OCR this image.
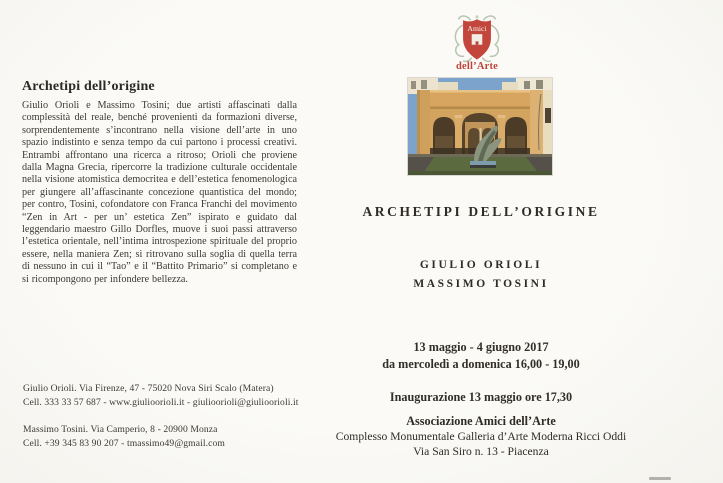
Archetipi dell’origine

Giulio Orioli e Massimo Tosini; due artisti affascinati dalla complessità del reale, benché provenienti da formazioni diverse, sorprendentemente s’incontrano nella visione dell’arte in uno spazio indistinto e senza tempo da cui partono i processi creativi. Entrambi affrontano una ricerca a ritroso; Orioli che proviene dalla Magna Grecia, ripercorre la tradizione culturale occidentale nella visione atomistica democritea e dell’estetica fenomenologica per giungere all’affascinante concezione quantistica del mondo; per contro, Tosini, cofondatore con Franca Franchi del movimento “Zen in Art - per un’ estetica Zen” ispirato e guidato dal leggendario maestro Gillo Dorfles, muove i suoi passi attraverso l’estetica orientale, nell’intima introspezione spirituale del proprio essere, nella maniera Zen; si ritrovano sulla soglia di quella terra di nessuno in cui il “Tao” e il “Battito Primario” si completano e si ricompongono per infondere bellezza.

Giulio Orioli. Via Firenze, 47 - 75020 Nova Siri Scalo (Matera)
Cell. 333 33 57 687 - www.giulioorioli.it - giulioorioli@giulioorioli.it
Massimo Tosini. Via Camperio, 8 - 20900 Monza
Cell. +39 345 83 90 207 - tmassimo49@gmail.com
Amici
dell’Arte
ARCHETIPI DELL’ORIGINE
GIULIO ORIOLI
MASSIMO TOSINI
13 maggio - 4 giugno 2017
da mercoledì a domenica 16,00 - 19,00
Inaugurazione 13 maggio ore 17,30
Associazione Amici dell’Arte
Complesso Monumentale Galleria d’Arte Moderna Ricci Oddi
Via San Siro n. 13 - Piacenza
